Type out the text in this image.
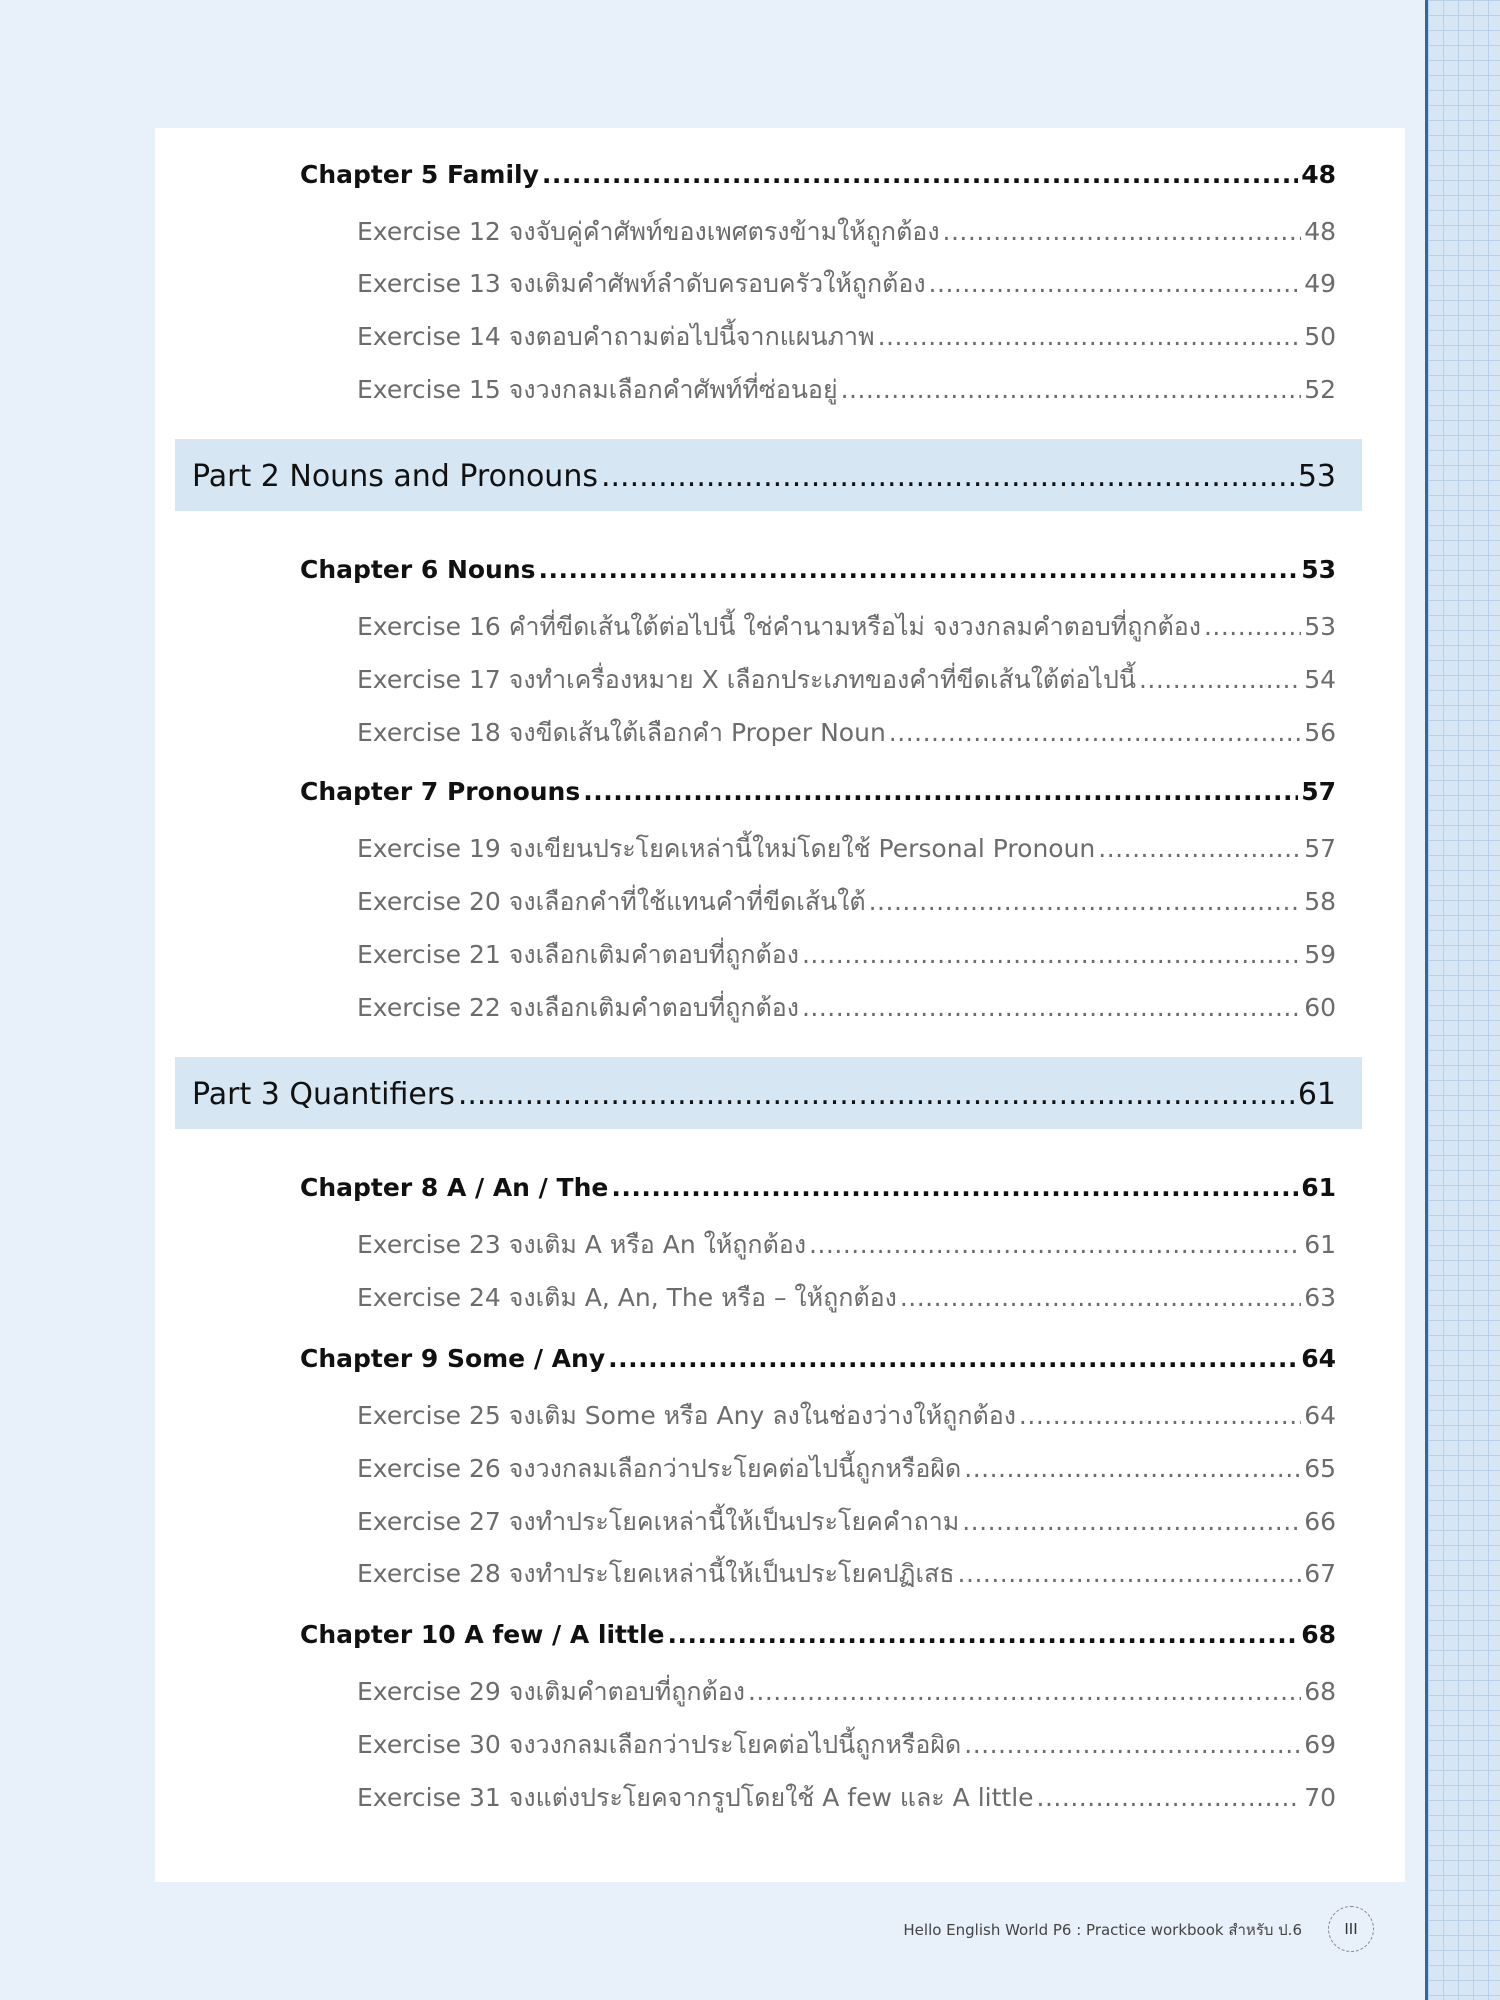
Chapter 5 Family .....	48
Exercise 12 จงจับคู่คำศัพท์ของเพศตรงข้ามให้ถูกต้อง .....	48
Exercise 13 จงเติมคำศัพท์ลำดับครอบครัวให้ถูกต้อง .....	49
Exercise 14 จงตอบคำถามต่อไปนี้จากแผนภาพ .....	50
Exercise 15 จงวงกลมเลือกคำศัพท์ที่ซ่อนอยู่ .....	52
Part 2 Nouns and Pronouns .....	53
Chapter 6 Nouns .....	53
Exercise 16 คำที่ขีดเส้นใต้ต่อไปนี้ ใช่คำนามหรือไม่ จงวงกลมคำตอบที่ถูกต้อง .....	53
Exercise 17 จงทำเครื่องหมาย X เลือกประเภทของคำที่ขีดเส้นใต้ต่อไปนี้ .....	54
Exercise 18 จงขีดเส้นใต้เลือกคำ Proper Noun .....	56
Chapter 7 Pronouns .....	57
Exercise 19 จงเขียนประโยคเหล่านี้ใหม่โดยใช้ Personal Pronoun .....	57
Exercise 20 จงเลือกคำที่ใช้แทนคำที่ขีดเส้นใต้ .....	58
Exercise 21 จงเลือกเติมคำตอบที่ถูกต้อง .....	59
Exercise 22 จงเลือกเติมคำตอบที่ถูกต้อง .....	60
Part 3 Quantifiers .....	61
Chapter 8 A / An / The .....	61
Exercise 23 จงเติม A หรือ An ให้ถูกต้อง .....	61
Exercise 24 จงเติม A, An, The หรือ – ให้ถูกต้อง .....	63
Chapter 9 Some / Any .....	64
Exercise 25 จงเติม Some หรือ Any ลงในช่องว่างให้ถูกต้อง .....	64
Exercise 26 จงวงกลมเลือกว่าประโยคต่อไปนี้ถูกหรือผิด .....	65
Exercise 27 จงทำประโยคเหล่านี้ให้เป็นประโยคคำถาม .....	66
Exercise 28 จงทำประโยคเหล่านี้ให้เป็นประโยคปฏิเสธ .....	67
Chapter 10 A few / A little .....	68
Exercise 29 จงเติมคำตอบที่ถูกต้อง .....	68
Exercise 30 จงวงกลมเลือกว่าประโยคต่อไปนี้ถูกหรือผิด .....	69
Exercise 31 จงแต่งประโยคจากรูปโดยใช้ A few และ A little .....	70
Hello English World P6 : Practice workbook สำหรับ ป.6	III
